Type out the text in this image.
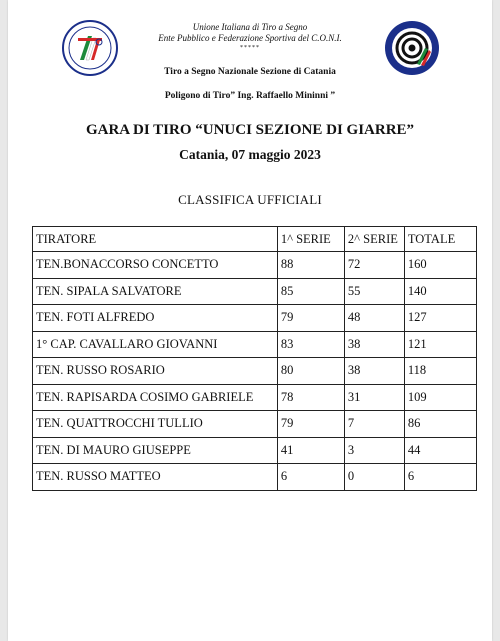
Unione Italiana di Tiro a Segno
Ente Pubblico e Federazione Sportiva del C.O.N.I.
*****
Tiro a Segno Nazionale Sezione di Catania
Poligono di Tiro” Ing. Raffaello Mininni ”
GARA DI TIRO “UNUCI SEZIONE DI GIARRE”
Catania, 07 maggio 2023
CLASSIFICA UFFICIALI
TIRATORE	1^ SERIE	2^ SERIE	TOTALE
TEN.BONACCORSO CONCETTO	88	72	160
TEN. SIPALA SALVATORE	85	55	140
TEN. FOTI ALFREDO	79	48	127
1° CAP. CAVALLARO GIOVANNI	83	38	121
TEN. RUSSO ROSARIO	80	38	118
TEN. RAPISARDA COSIMO GABRIELE	78	31	109
TEN. QUATTROCCHI TULLIO	79	7	86
TEN. DI MAURO GIUSEPPE	41	3	44
TEN. RUSSO MATTEO	6	0	6
